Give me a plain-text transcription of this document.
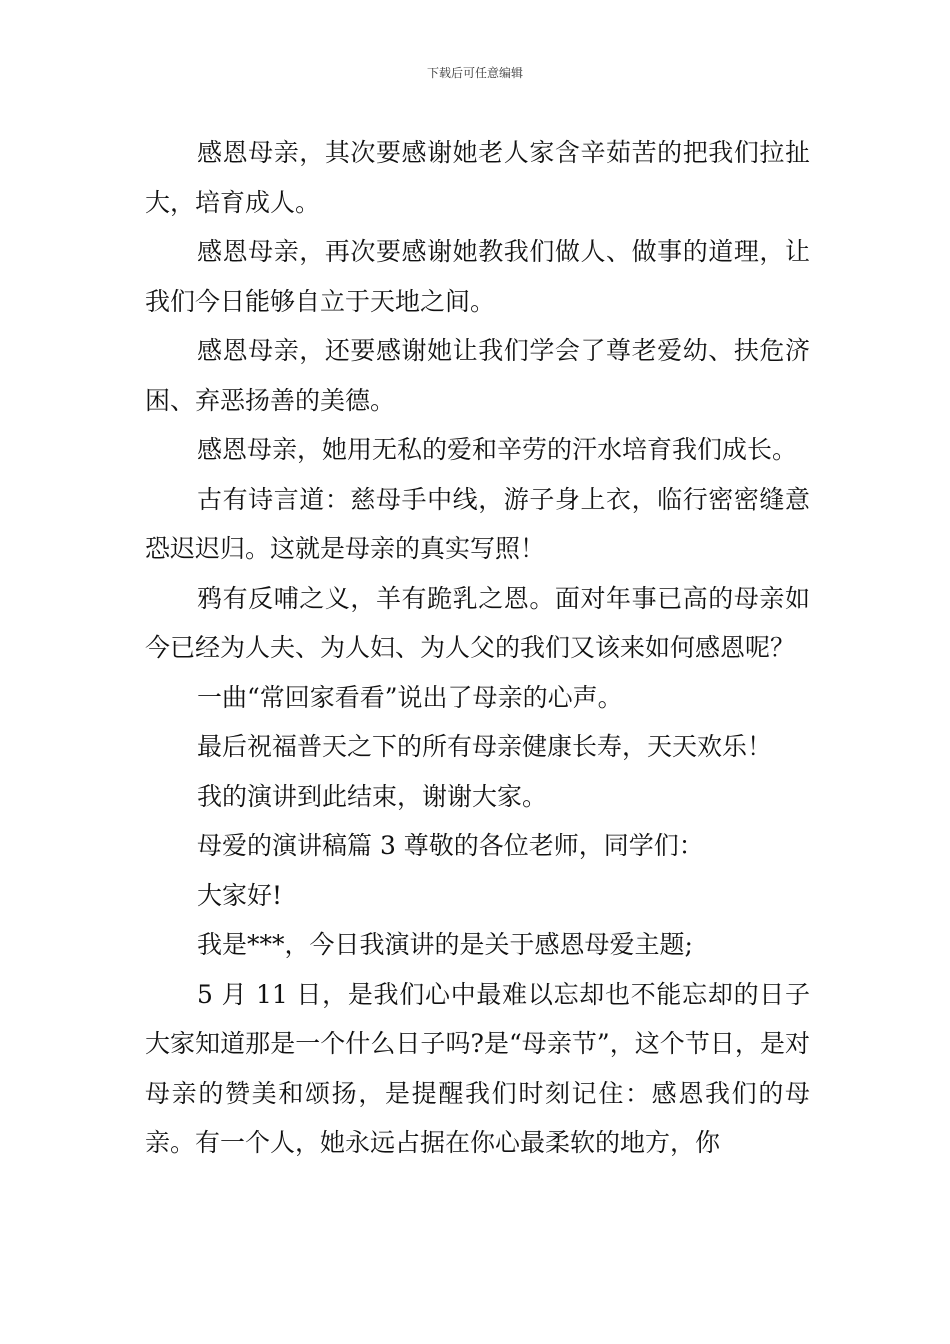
下载后可任意编辑

感恩母亲，其次要感谢她老人家含辛茹苦的把我们拉扯大，培育成人。

感恩母亲，再次要感谢她教我们做人、做事的道理，让我们今日能够自立于天地之间。

感恩母亲，还要感谢她让我们学会了尊老爱幼、扶危济困、弃恶扬善的美德。

感恩母亲，她用无私的爱和辛劳的汗水培育我们成长。

古有诗言道：慈母手中线，游子身上衣，临行密密缝意恐迟迟归。这就是母亲的真实写照！

鸦有反哺之义，羊有跪乳之恩。面对年事已高的母亲如今已经为人夫、为人妇、为人父的我们又该来如何感恩呢？

一曲“常回家看看”说出了母亲的心声。

最后祝福普天之下的所有母亲健康长寿，天天欢乐！

我的演讲到此结束，谢谢大家。

母爱的演讲稿篇 3 尊敬的各位老师，同学们：

大家好!

我是***，今日我演讲的是关于感恩母爱主题;

5 月 11 日，是我们心中最难以忘却也不能忘却的日子大家知道那是一个什么日子吗?是“母亲节”，这个节日，是对母亲的赞美和颂扬，是提醒我们时刻记住：感恩我们的母亲。有一个人，她永远占据在你心最柔软的地方，你
